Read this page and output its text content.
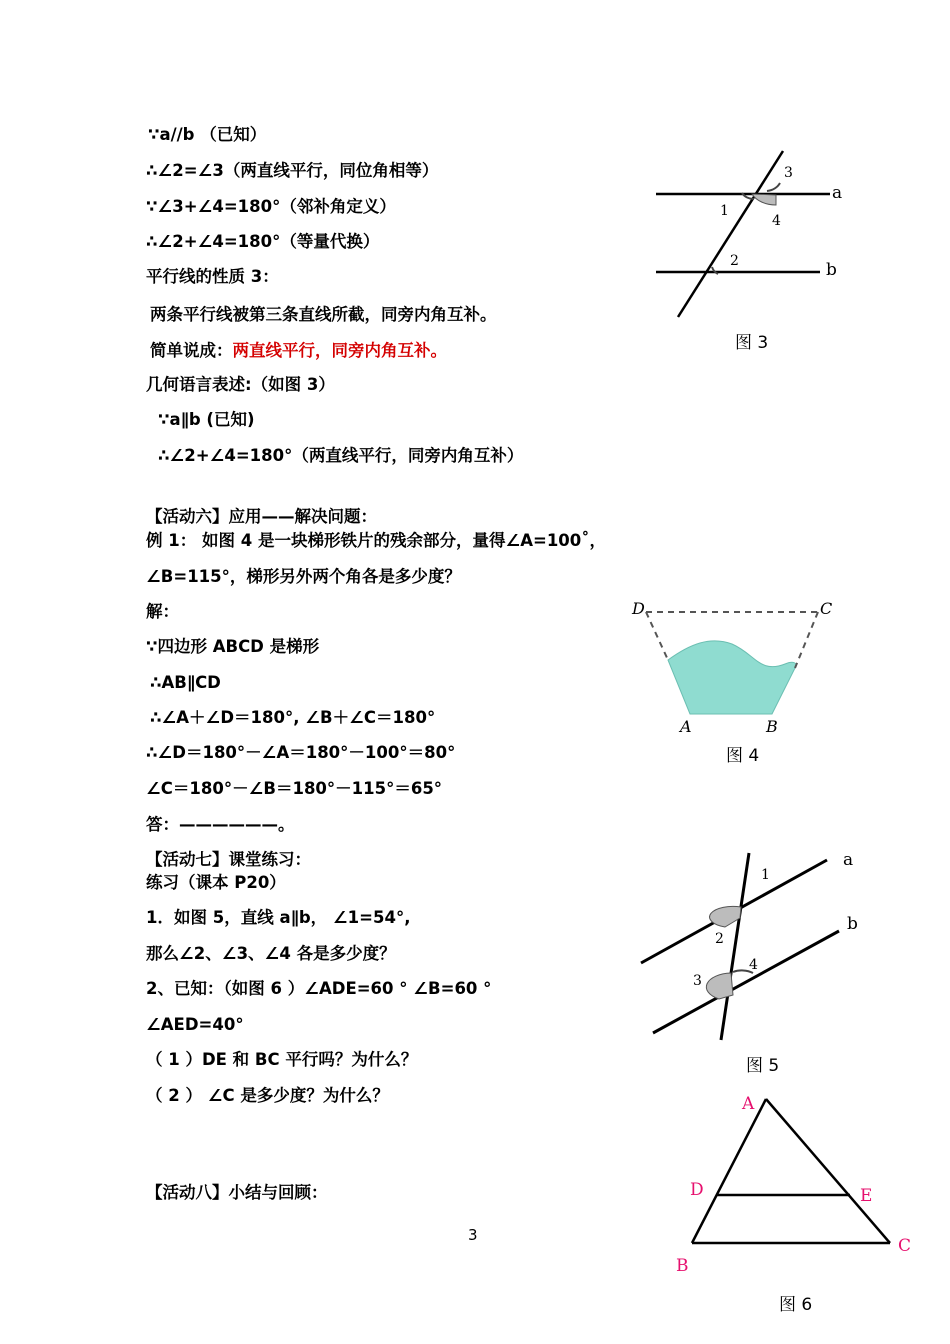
∵a//b （已知）
∴∠2=∠3（两直线平行，同位角相等）
∵∠3+∠4=180°（邻补角定义）
∴∠2+∠4=180°（等量代换）
平行线的性质 3：
两条平行线被第三条直线所截，同旁内角互补。
简单说成：两直线平行，同旁内角互补。
几何语言表述:（如图 3）
∵a∥b (已知)
∴∠2+∠4=180°（两直线平行，同旁内角互补）
【活动六】应用——解决问题：
例 1： 如图 4 是一块梯形铁片的残余部分，量得∠A=100˚，
∠B=115°，梯形另外两个角各是多少度？
解：
∵四边形 ABCD 是梯形
∴AB∥CD
∴∠A＋∠D＝180°, ∠B＋∠C＝180°
∴∠D＝180°－∠A＝180°－100°＝80°
∠C＝180°－∠B＝180°－115°＝65°
答：——————。
【活动七】课堂练习：
练习（课本 P20）
1．如图 5，直线 a∥b， ∠1=54°,
那么∠2、∠3、∠4 各是多少度？
2、已知：（如图 6 ）∠ADE=60 ° ∠B=60 °
∠AED=40°
（ 1 ）DE 和 BC 平行吗？为什么？
（ 2 ） ∠C 是多少度？为什么？
【活动八】小结与回顾：
a
b
1
2
3
4
图 3
D	C
A	B
图 4
a
b
1
2
3
4
图 5
A
D	E
B
C
图 6
3
